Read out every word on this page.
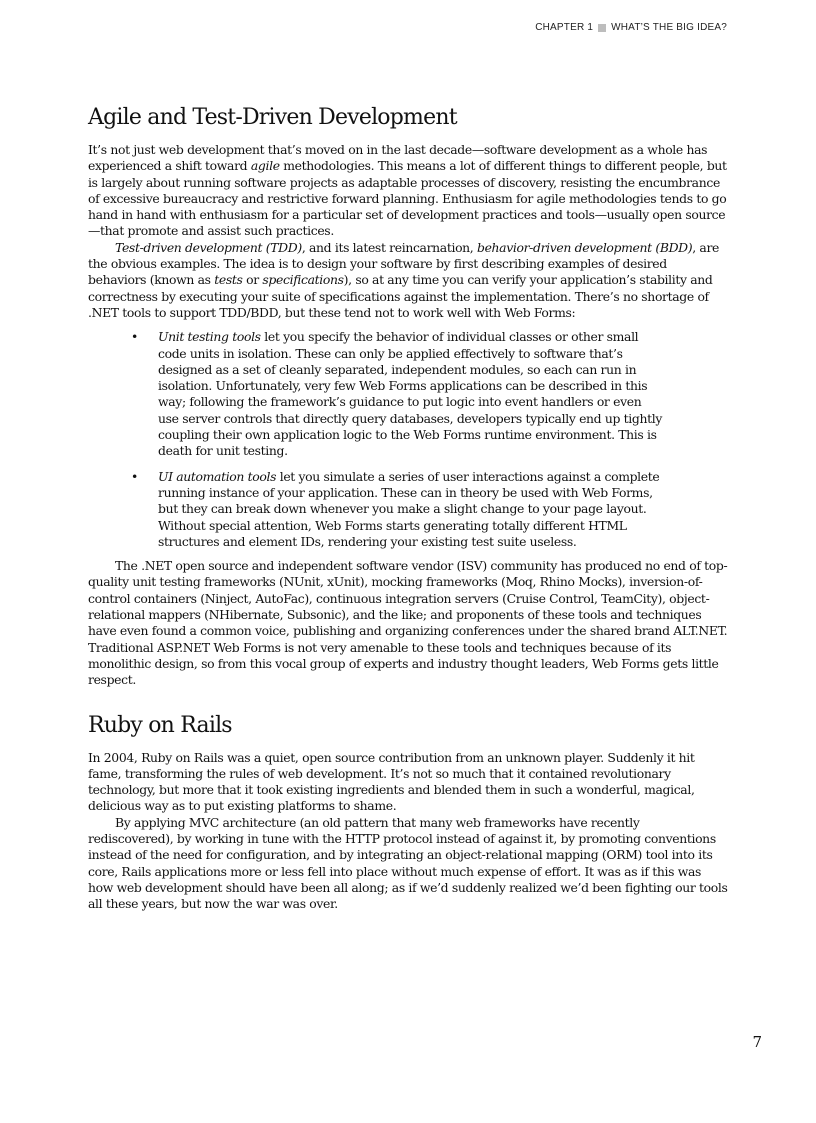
CHAPTER 1 WHAT’S THE BIG IDEA?
Agile and Test-Driven Development

It’s not just web development that’s moved on in the last decade—software development as a whole has experienced a shift toward agile methodologies. This means a lot of different things to different people, but is largely about running software projects as adaptable processes of discovery, resisting the encumbrance of excessive bureaucracy and restrictive forward planning. Enthusiasm for agile methodologies tends to go hand in hand with enthusiasm for a particular set of development practices and tools—usually open source—that promote and assist such practices.

Test-driven development (TDD), and its latest reincarnation, behavior-driven development (BDD), are the obvious examples. The idea is to design your software by first describing examples of desired behaviors (known as tests or specifications), so at any time you can verify your application’s stability and correctness by executing your suite of specifications against the implementation. There’s no shortage of .NET tools to support TDD/BDD, but these tend not to work well with Web Forms:

• Unit testing tools let you specify the behavior of individual classes or other small code units in isolation. These can only be applied effectively to software that’s designed as a set of cleanly separated, independent modules, so each can run in isolation. Unfortunately, very few Web Forms applications can be described in this way; following the framework’s guidance to put logic into event handlers or even use server controls that directly query databases, developers typically end up tightly coupling their own application logic to the Web Forms runtime environment. This is death for unit testing.
• UI automation tools let you simulate a series of user interactions against a complete running instance of your application. These can in theory be used with Web Forms, but they can break down whenever you make a slight change to your page layout. Without special attention, Web Forms starts generating totally different HTML structures and element IDs, rendering your existing test suite useless.

The .NET open source and independent software vendor (ISV) community has produced no end of top-quality unit testing frameworks (NUnit, xUnit), mocking frameworks (Moq, Rhino Mocks), inversion-of-control containers (Ninject, AutoFac), continuous integration servers (Cruise Control, TeamCity), object-relational mappers (NHibernate, Subsonic), and the like; and proponents of these tools and techniques have even found a common voice, publishing and organizing conferences under the shared brand ALT.NET. Traditional ASP.NET Web Forms is not very amenable to these tools and techniques because of its monolithic design, so from this vocal group of experts and industry thought leaders, Web Forms gets little respect.

Ruby on Rails

In 2004, Ruby on Rails was a quiet, open source contribution from an unknown player. Suddenly it hit fame, transforming the rules of web development. It’s not so much that it contained revolutionary technology, but more that it took existing ingredients and blended them in such a wonderful, magical, delicious way as to put existing platforms to shame.

By applying MVC architecture (an old pattern that many web frameworks have recently rediscovered), by working in tune with the HTTP protocol instead of against it, by promoting conventions instead of the need for configuration, and by integrating an object-relational mapping (ORM) tool into its core, Rails applications more or less fell into place without much expense of effort. It was as if this was how web development should have been all along; as if we’d suddenly realized we’d been fighting our tools all these years, but now the war was over.

7
